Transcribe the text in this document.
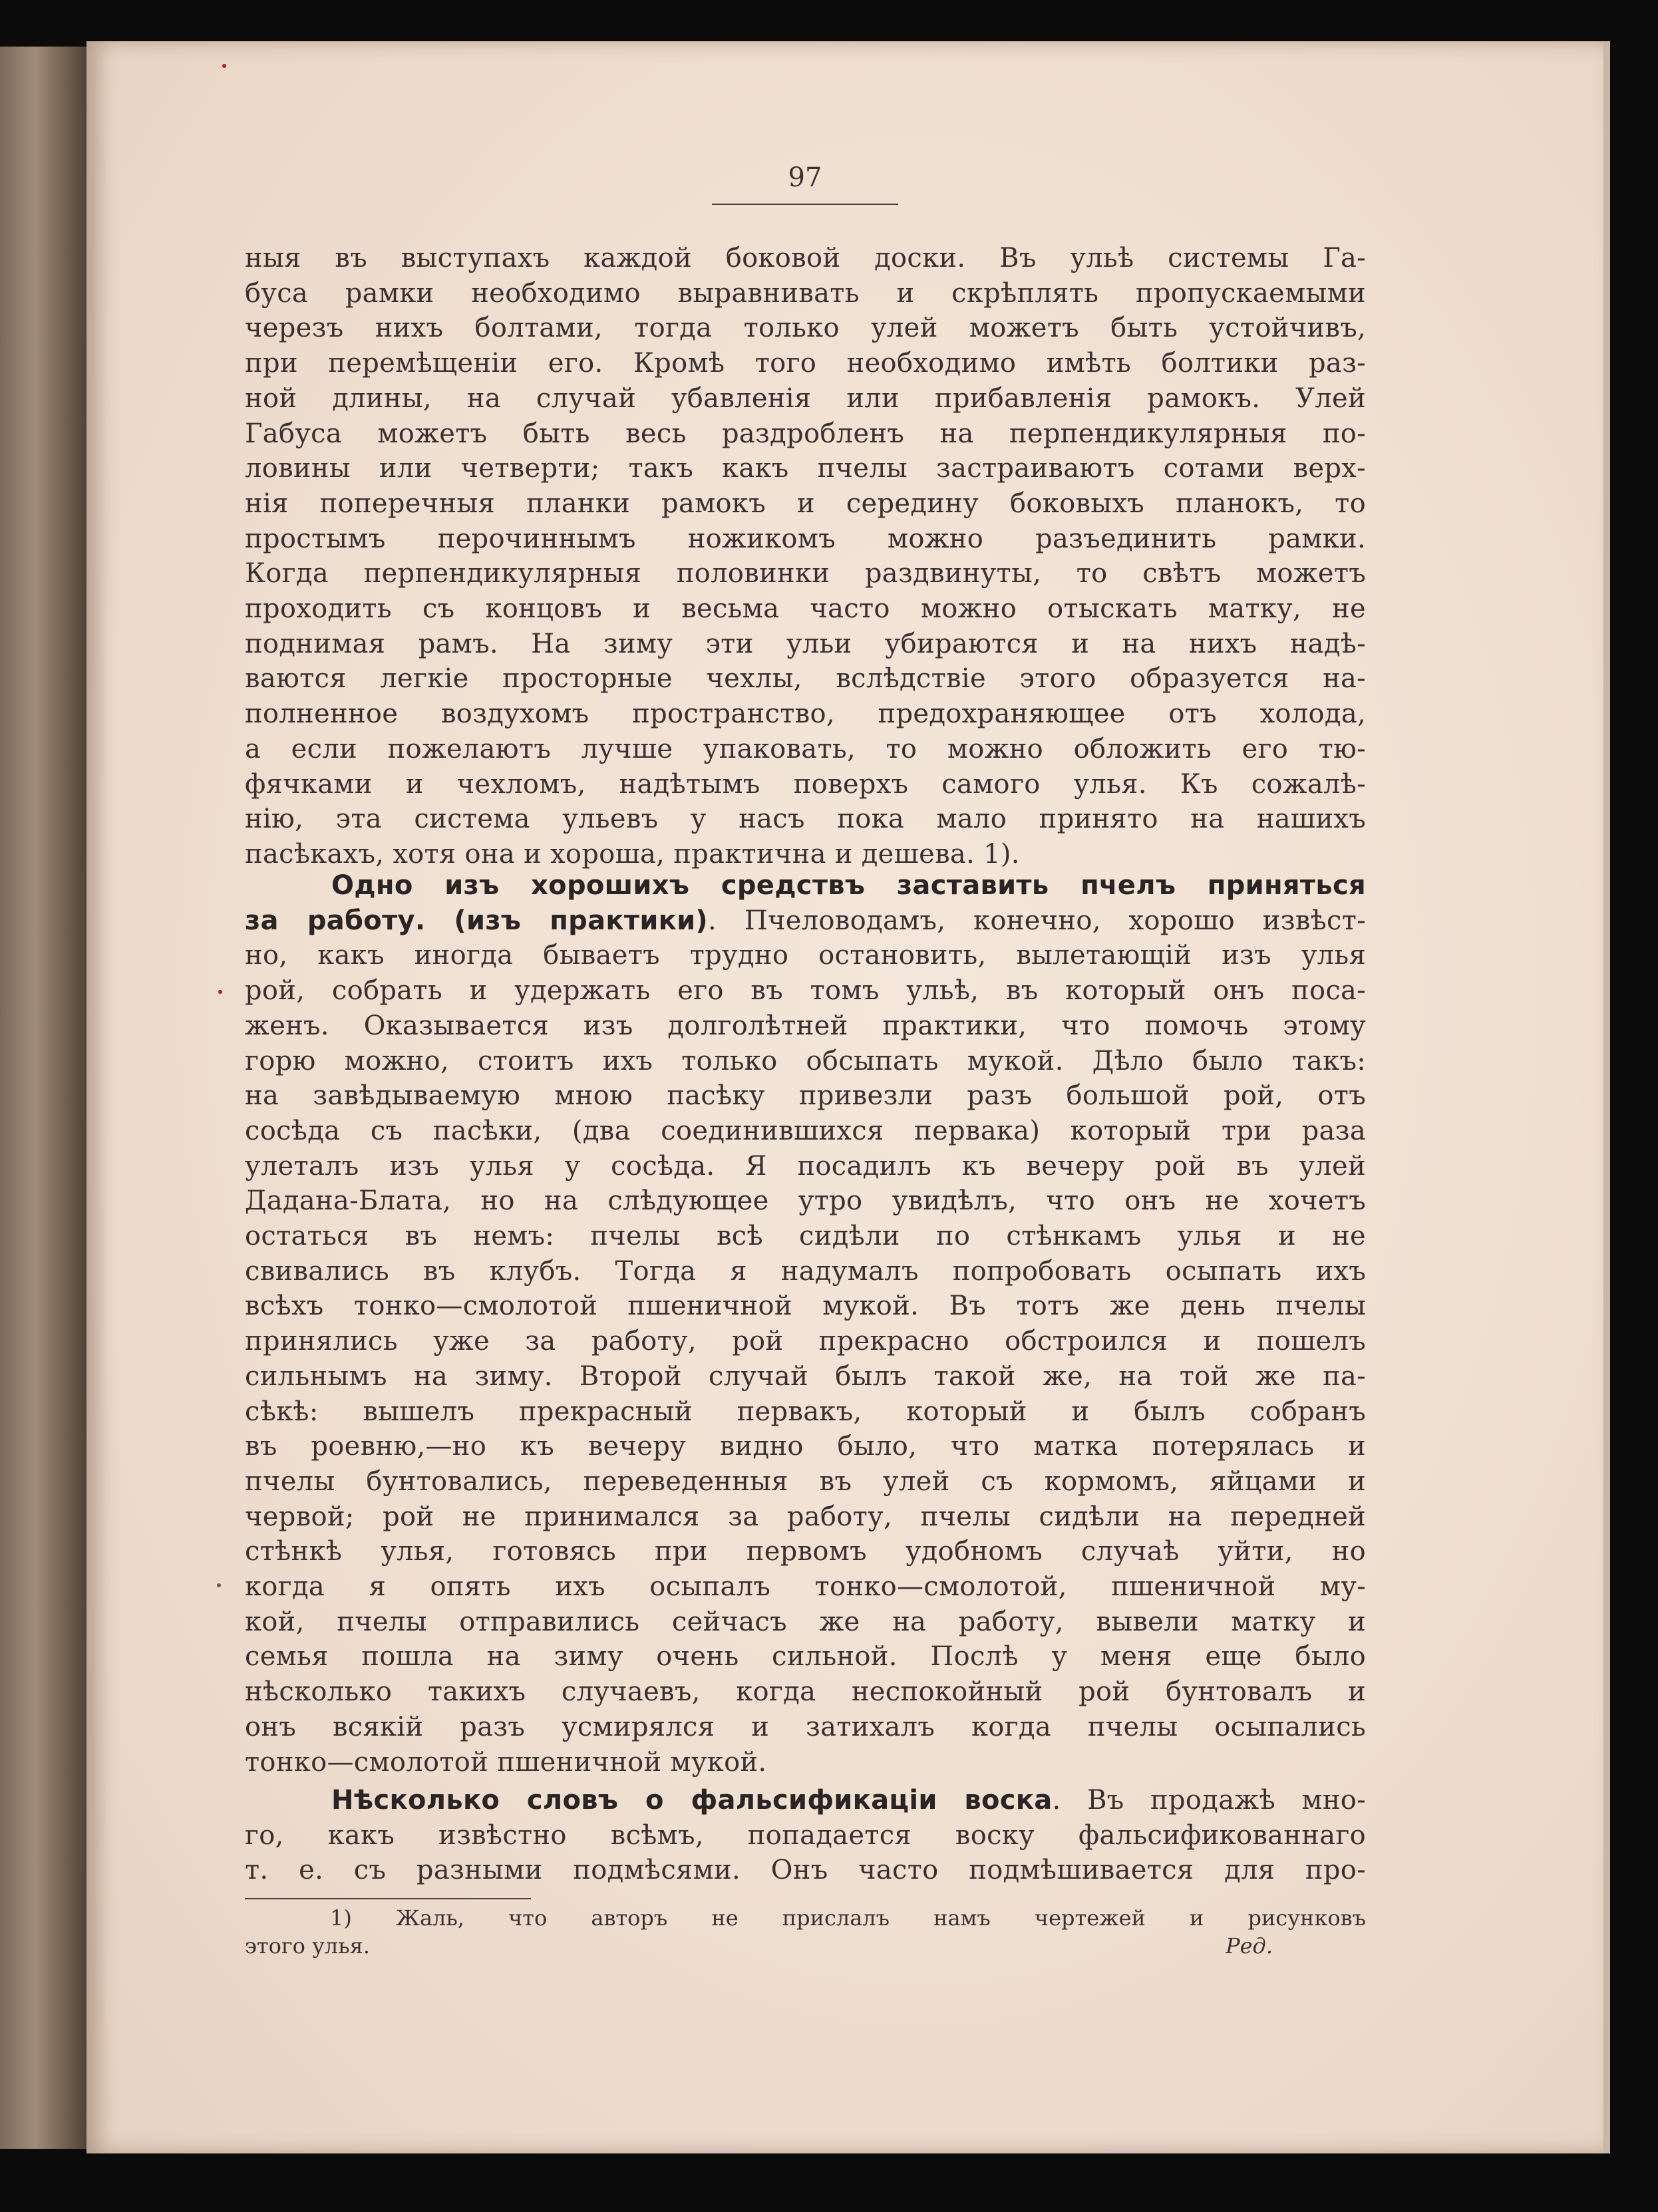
97
ныя въ выступахъ каждой боковой доски. Въ ульѣ системы Га-
буса рамки необходимо выравнивать и скрѣплять пропускаемыми
черезъ нихъ болтами, тогда только улей можетъ быть устойчивъ,
при перемѣщеніи его. Кромѣ того необходимо имѣть болтики раз-
ной длины, на случай убавленія или прибавленія рамокъ. Улей
Габуса можетъ быть весь раздробленъ на перпендикулярныя по-
ловины или четверти; такъ какъ пчелы застраиваютъ сотами верх-
нія поперечныя планки рамокъ и середину боковыхъ планокъ, то
простымъ перочиннымъ ножикомъ можно разъединить рамки.
Когда перпендикулярныя половинки раздвинуты, то свѣтъ можетъ
проходить съ концовъ и весьма часто можно отыскать матку, не
поднимая рамъ. На зиму эти ульи убираются и на нихъ надѣ-
ваются легкіе просторные чехлы, вслѣдствіе этого образуется на-
полненное воздухомъ пространство, предохраняющее отъ холода,
а если пожелаютъ лучше упаковать, то можно обложить его тю-
фячками и чехломъ, надѣтымъ поверхъ самого улья. Къ сожалѣ-
нію, эта система ульевъ у насъ пока мало принято на нашихъ
пасѣкахъ, хотя она и хороша, практична и дешева. 1).
Одно изъ хорошихъ средствъ заставить пчелъ приняться
за работу. (изъ практики). Пчеловодамъ, конечно, хорошо извѣст-
но, какъ иногда бываетъ трудно остановить, вылетающій изъ улья
рой, собрать и удержать его въ томъ ульѣ, въ который онъ поса-
женъ. Оказывается изъ долголѣтней практики, что помочь этому
горю можно, стоитъ ихъ только обсыпать мукой. Дѣло было такъ:
на завѣдываемую мною пасѣку привезли разъ большой рой, отъ
сосѣда съ пасѣки, (два соединившихся первака) который три раза
улеталъ изъ улья у сосѣда. Я посадилъ къ вечеру рой въ улей
Дадана-Блата, но на слѣдующее утро увидѣлъ, что онъ не хочетъ
остаться въ немъ: пчелы всѣ сидѣли по стѣнкамъ улья и не
свивались въ клубъ. Тогда я надумалъ попробовать осыпать ихъ
всѣхъ тонко—смолотой пшеничной мукой. Въ тотъ же день пчелы
принялись уже за работу, рой прекрасно обстроился и пошелъ
сильнымъ на зиму. Второй случай былъ такой же, на той же па-
сѣкѣ: вышелъ прекрасный первакъ, который и былъ собранъ
въ роевню,—но къ вечеру видно было, что матка потерялась и
пчелы бунтовались, переведенныя въ улей съ кормомъ, яйцами и
червой; рой не принимался за работу, пчелы сидѣли на передней
стѣнкѣ улья, готовясь при первомъ удобномъ случаѣ уйти, но
когда я опять ихъ осыпалъ тонко—смолотой, пшеничной му-
кой, пчелы отправились сейчасъ же на работу, вывели матку и
семья пошла на зиму очень сильной. Послѣ у меня еще было
нѣсколько такихъ случаевъ, когда неспокойный рой бунтовалъ и
онъ всякій разъ усмирялся и затихалъ когда пчелы осыпались
тонко—смолотой пшеничной мукой.
Нѣсколько словъ о фальсификаціи воска. Въ продажѣ мно-
го, какъ извѣстно всѣмъ, попадается воску фальсификованнаго
т. е. съ разными подмѣсями. Онъ часто подмѣшивается для про-
1) Жаль, что авторъ не прислалъ намъ чертежей и рисунковъ
этого улья.	Ред.
